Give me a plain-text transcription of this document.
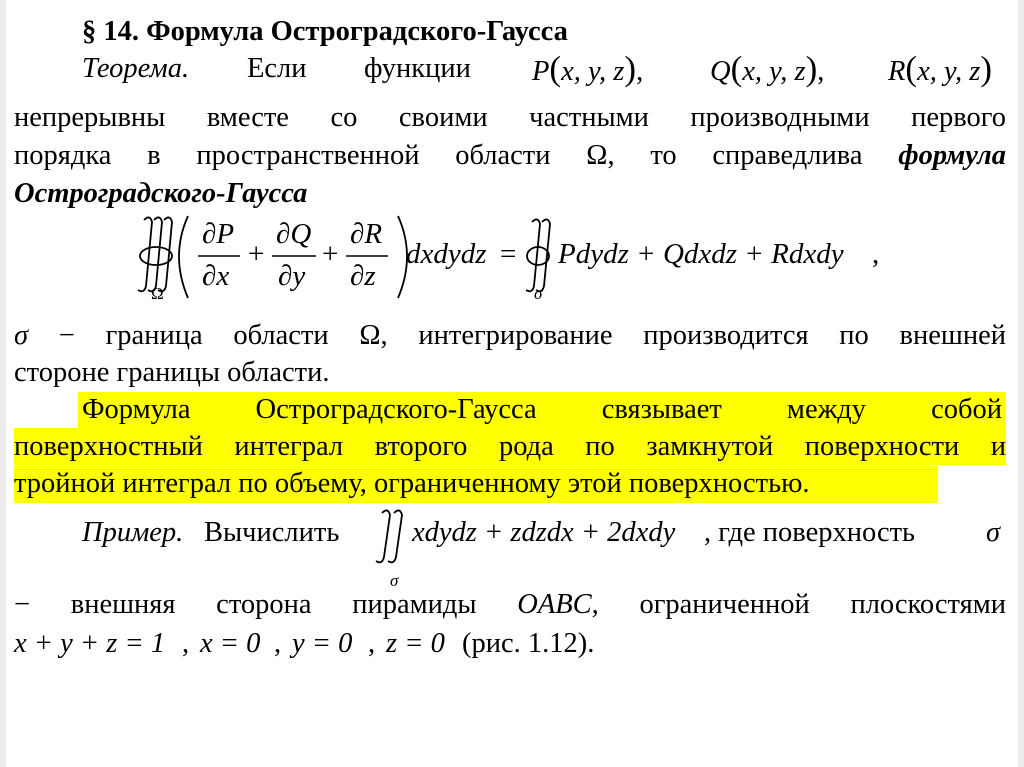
§ 14. Формула Остроградского-Гаусса
Теорема. Если функции P(x, y, z), Q(x, y, z), R(x, y, z)
непрерывны вместе со своими частными производными первого
порядка в пространственной области Ω, то справедлива формула
Остроградского-Гаусса
Ω
∂P
∂x
+
∂Q
∂y
+
∂R
∂z
dxdydz =
σ
Pdydz + Qdxdz + Rdxdy ,
σ − граница области Ω, интегрирование производится по внешней
стороне границы области.
Формула Остроградского-Гаусса связывает между собой
поверхностный интеграл второго рода по замкнутой поверхности и
тройной интеграл по объему, ограниченному этой поверхностью.
Пример. Вычислить
σ
xdydz + zdzdx + 2dxdy , где поверхность σ
− внешняя сторона пирамиды OABC, ограниченной плоскостями
x + y + z = 1 , x = 0 , y = 0 , z = 0 (рис. 1.12).
